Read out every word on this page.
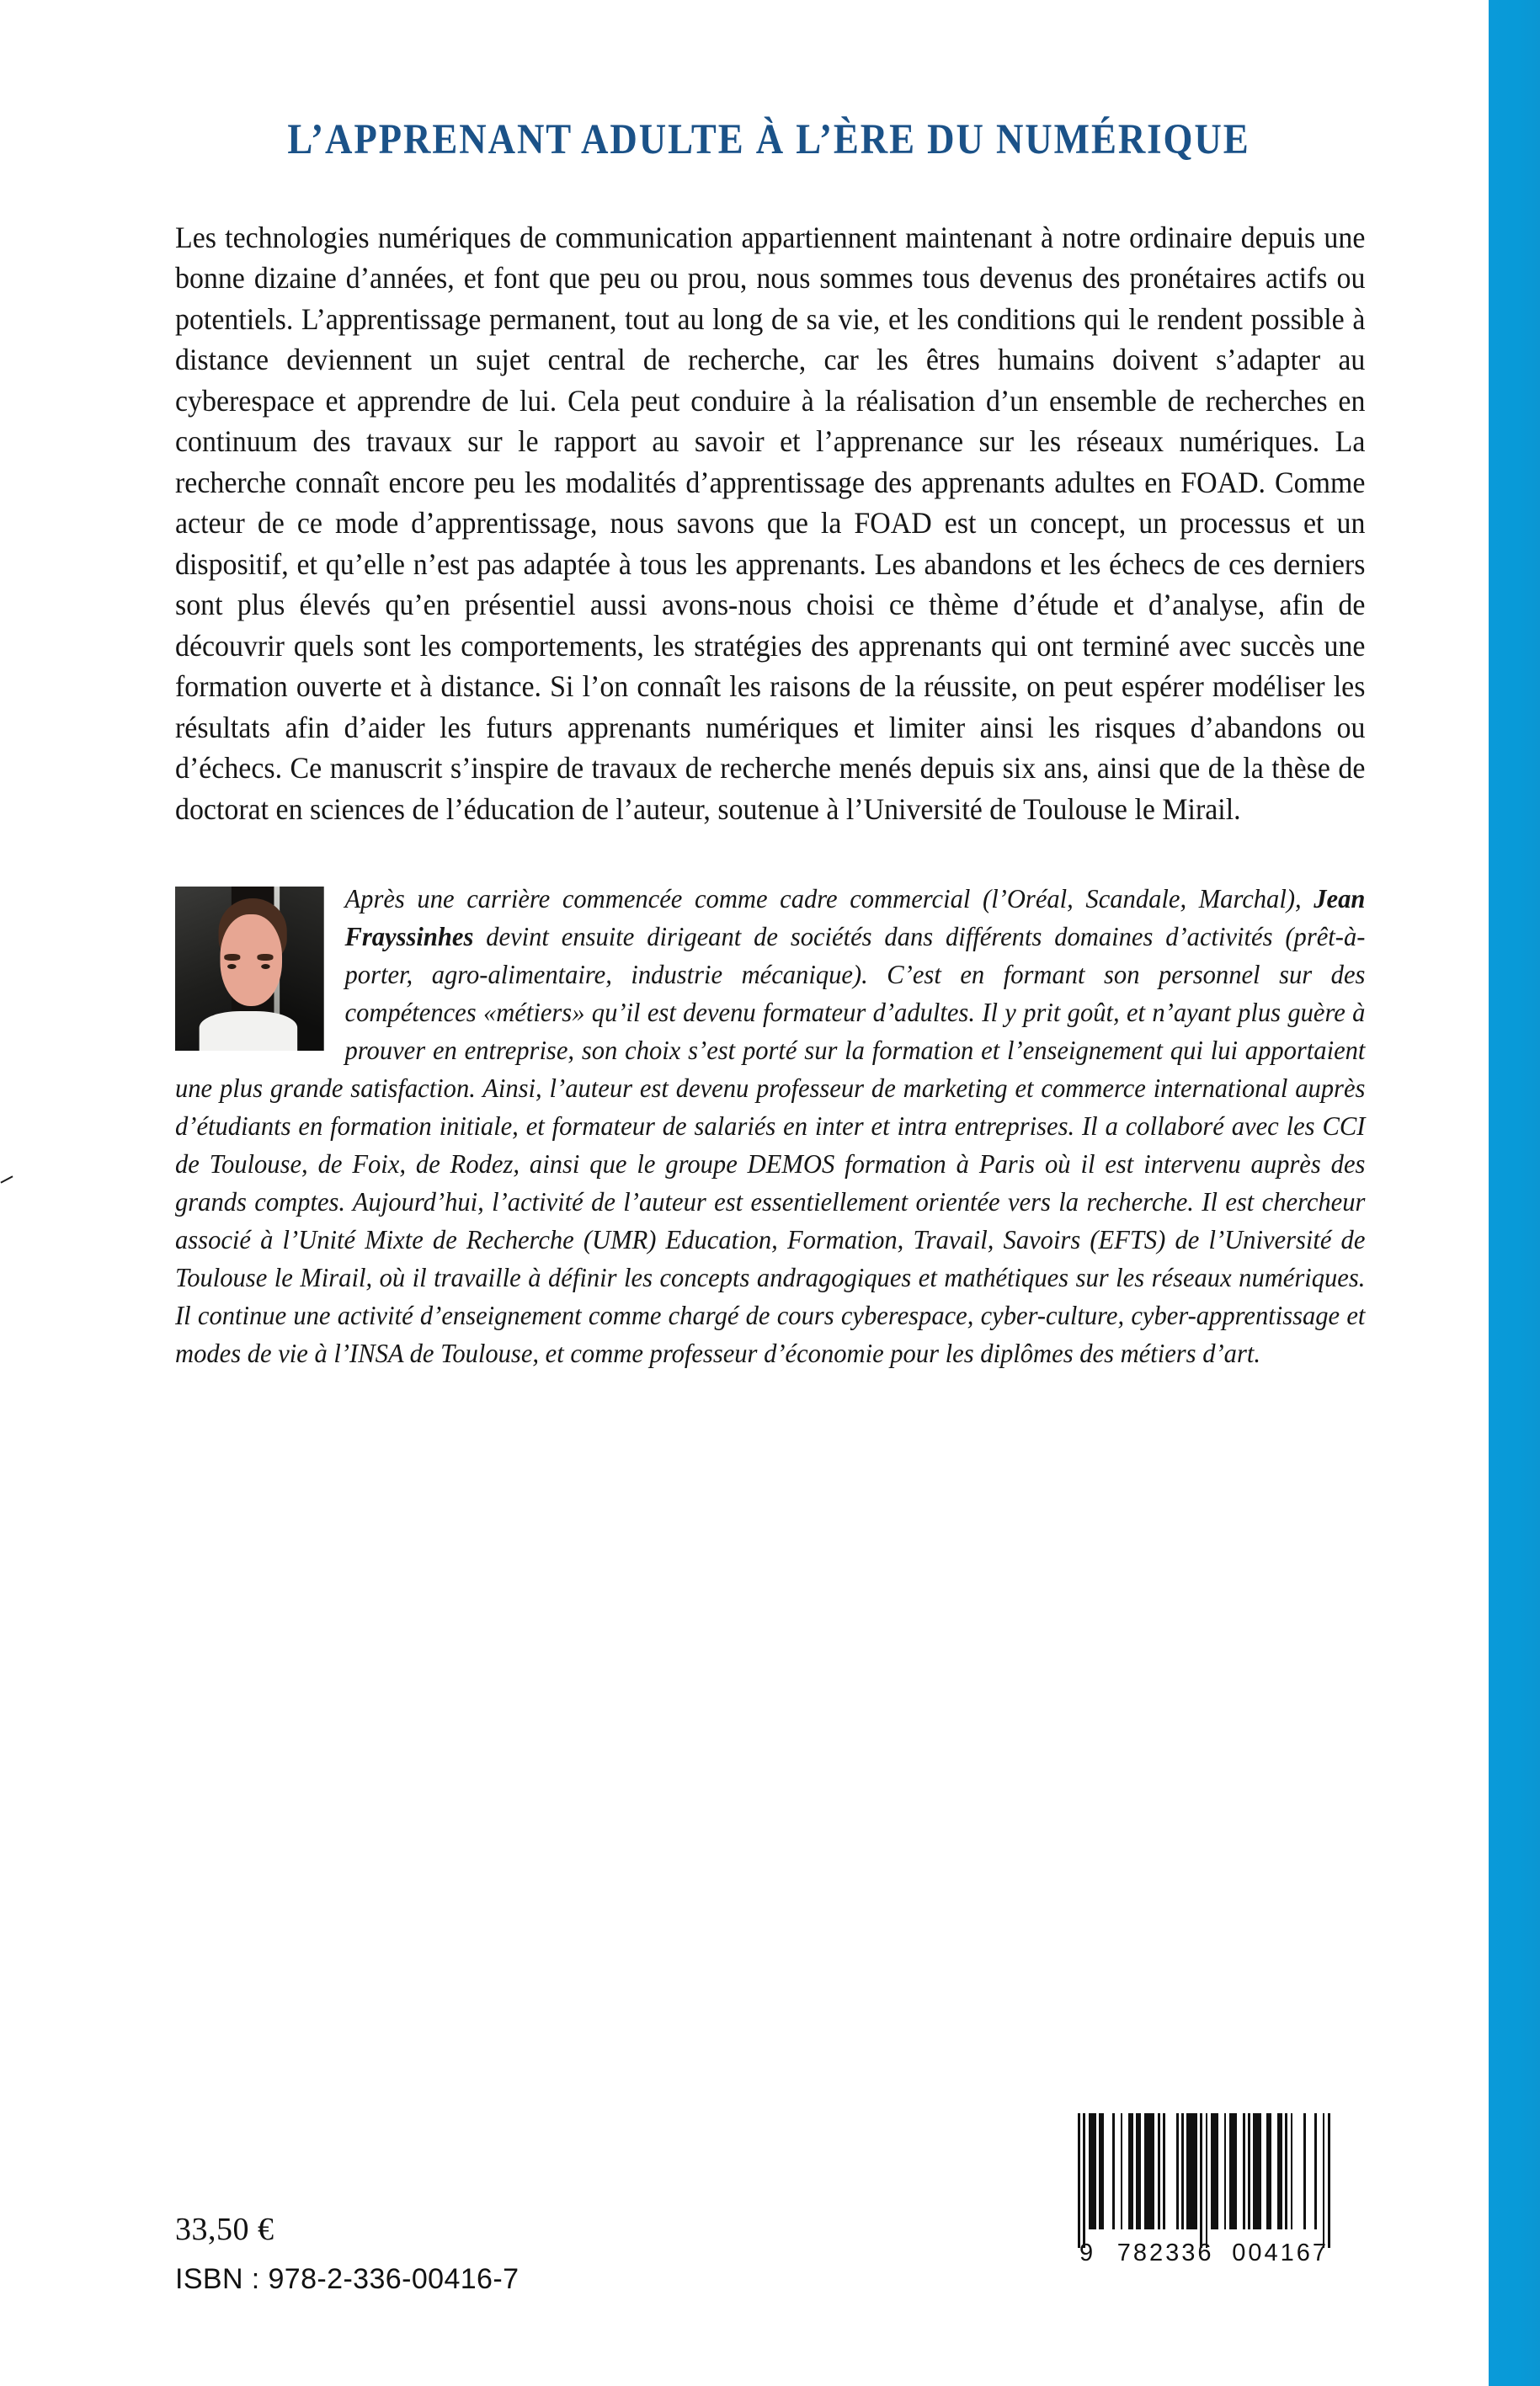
L’APPRENANT ADULTE À L’ÈRE DU NUMÉRIQUE

Les technologies numériques de communication appartiennent maintenant à notre ordinaire depuis une bonne dizaine d’années, et font que peu ou prou, nous sommes tous devenus des pronétaires actifs ou potentiels. L’apprentissage permanent, tout au long de sa vie, et les conditions qui le rendent possible à distance deviennent un sujet central de recherche, car les êtres humains doivent s’adapter au cyberespace et apprendre de lui. Cela peut conduire à la réalisation d’un ensemble de recherches en continuum des travaux sur le rapport au savoir et l’apprenance sur les réseaux numériques. La recherche connaît encore peu les modalités d’apprentissage des apprenants adultes en FOAD. Comme acteur de ce mode d’apprentissage, nous savons que la FOAD est un concept, un processus et un dispositif, et qu’elle n’est pas adaptée à tous les apprenants. Les abandons et les échecs de ces derniers sont plus élevés qu’en présentiel aussi avons-nous choisi ce thème d’étude et d’analyse, afin de découvrir quels sont les comportements, les stratégies des apprenants qui ont terminé avec succès une formation ouverte et à distance. Si l’on connaît les raisons de la réussite, on peut espérer modéliser les résultats afin d’aider les futurs apprenants numériques et limiter ainsi les risques d’abandons ou d’échecs. Ce manuscrit s’inspire de travaux de recherche menés depuis six ans, ainsi que de la thèse de doctorat en sciences de l’éducation de l’auteur, soutenue à l’Université de Toulouse le Mirail.

Après une carrière commencée comme cadre commercial (l’Oréal, Scandale, Marchal), Jean Frayssinhes devint ensuite dirigeant de sociétés dans différents domaines d’activités (prêt-à-porter, agro-alimentaire, industrie mécanique). C’est en formant son personnel sur des compétences «métiers» qu’il est devenu formateur d’adultes. Il y prit goût, et n’ayant plus guère à prouver en entreprise, son choix s’est porté sur la formation et l’enseignement qui lui apportaient une plus grande satisfaction. Ainsi, l’auteur est devenu professeur de marketing et commerce international auprès d’étudiants en formation initiale, et formateur de salariés en inter et intra entreprises. Il a collaboré avec les CCI de Toulouse, de Foix, de Rodez, ainsi que le groupe DEMOS formation à Paris où il est intervenu auprès des grands comptes. Aujourd’hui, l’activité de l’auteur est essentiellement orientée vers la recherche. Il est chercheur associé à l’Unité Mixte de Recherche (UMR) Education, Formation, Travail, Savoirs (EFTS) de l’Université de Toulouse le Mirail, où il travaille à définir les concepts andragogiques et mathétiques sur les réseaux numériques. Il continue une activité d’enseignement comme chargé de cours cyberespace, cyber-culture, cyber-apprentissage et modes de vie à l’INSA de Toulouse, et comme professeur d’économie pour les diplômes des métiers d’art.
33,50 €
ISBN : 978-2-336-00416-7
9 782336 004167
